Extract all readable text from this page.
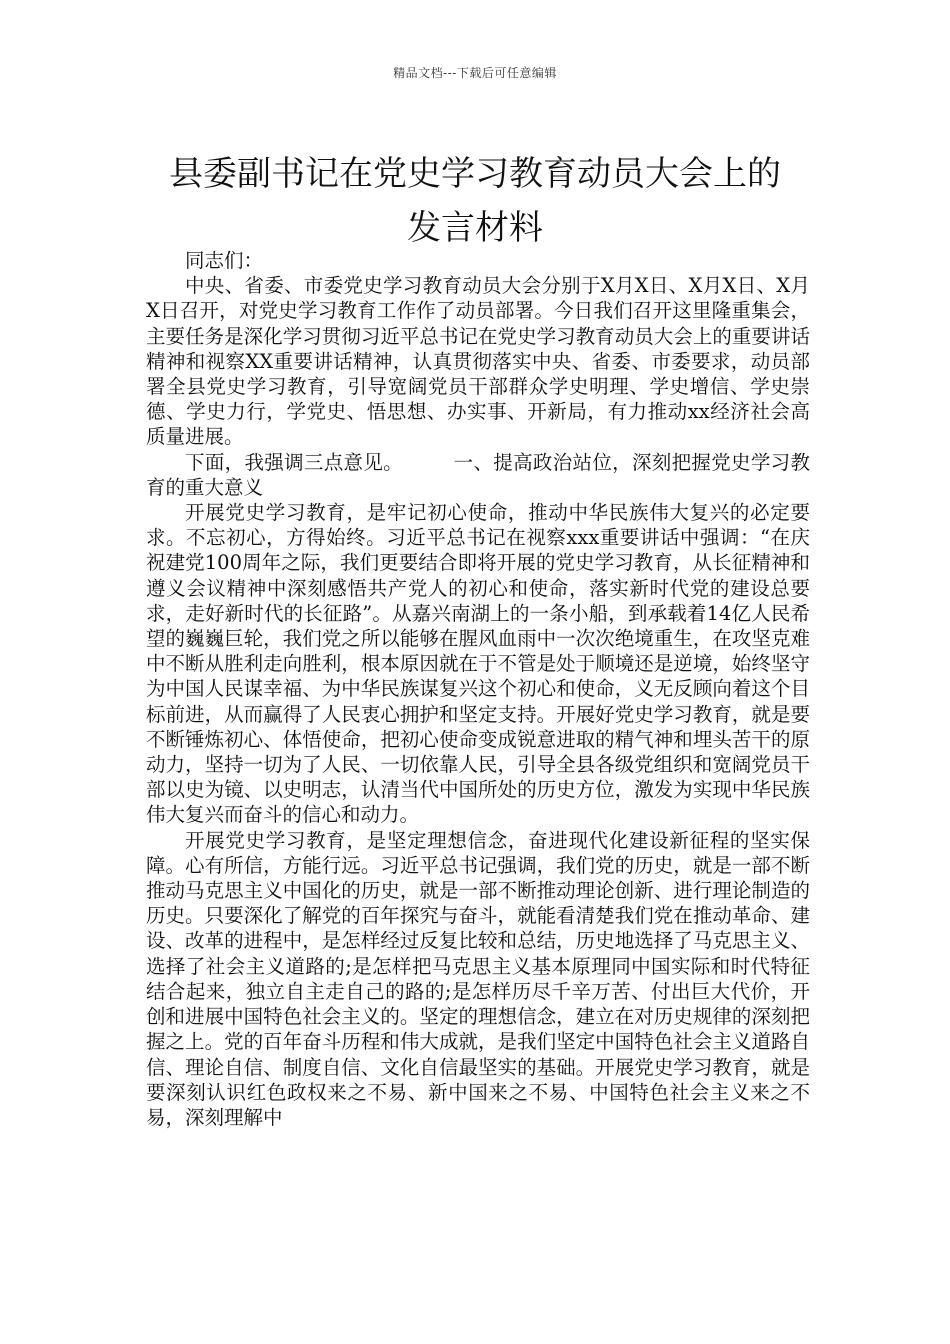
精品文档---下载后可任意编辑
县委副书记在党史学习教育动员大会上的
发言材料

同志们：

中央、省委、市委党史学习教育动员大会分别于X月X日、X月X日、X月X日召开，对党史学习教育工作作了动员部署。今日我们召开这里隆重集会，主要任务是深化学习贯彻习近平总书记在党史学习教育动员大会上的重要讲话精神和视察XX重要讲话精神，认真贯彻落实中央、省委、市委要求，动员部署全县党史学习教育，引导宽阔党员干部群众学史明理、学史增信、学史崇德、学史力行，学党史、悟思想、办实事、开新局，有力推动xx经济社会高质量进展。

下面，我强调三点意见。	一、提高政治站位，深刻把握党史学习教育的重大意义

开展党史学习教育，是牢记初心使命，推动中华民族伟大复兴的必定要求。不忘初心，方得始终。习近平总书记在视察xxx重要讲话中强调：“在庆祝建党100周年之际，我们更要结合即将开展的党史学习教育，从长征精神和遵义会议精神中深刻感悟共产党人的初心和使命，落实新时代党的建设总要求，走好新时代的长征路”。从嘉兴南湖上的一条小船，到承载着14亿人民希望的巍巍巨轮，我们党之所以能够在腥风血雨中一次次绝境重生，在攻坚克难中不断从胜利走向胜利，根本原因就在于不管是处于顺境还是逆境，始终坚守为中国人民谋幸福、为中华民族谋复兴这个初心和使命，义无反顾向着这个目标前进，从而赢得了人民衷心拥护和坚定支持。开展好党史学习教育，就是要不断锤炼初心、体悟使命，把初心使命变成锐意进取的精气神和埋头苦干的原动力，坚持一切为了人民、一切依靠人民，引导全县各级党组织和宽阔党员干部以史为镜、以史明志，认清当代中国所处的历史方位，激发为实现中华民族伟大复兴而奋斗的信心和动力。

开展党史学习教育，是坚定理想信念，奋进现代化建设新征程的坚实保障。心有所信，方能行远。习近平总书记强调，我们党的历史，就是一部不断推动马克思主义中国化的历史，就是一部不断推动理论创新、进行理论制造的历史。只要深化了解党的百年探究与奋斗，就能看清楚我们党在推动革命、建设、改革的进程中，是怎样经过反复比较和总结，历史地选择了马克思主义、选择了社会主义道路的;是怎样把马克思主义基本原理同中国实际和时代特征结合起来，独立自主走自己的路的;是怎样历尽千辛万苦、付出巨大代价，开创和进展中国特色社会主义的。坚定的理想信念，建立在对历史规律的深刻把握之上。党的百年奋斗历程和伟大成就，是我们坚定中国特色社会主义道路自信、理论自信、制度自信、文化自信最坚实的基础。开展党史学习教育，就是要深刻认识红色政权来之不易、新中国来之不易、中国特色社会主义来之不易，深刻理解中
